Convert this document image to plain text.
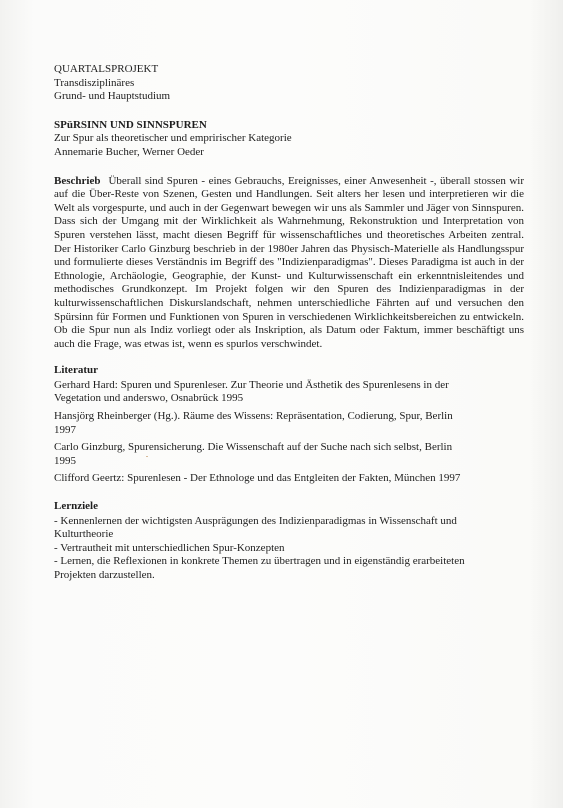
QUARTALSPROJEKT
Transdisziplinäres
Grund- und Hauptstudium
SPüRSINN UND SINNSPUREN
Zur Spur als theoretischer und empririscher Kategorie
Annemarie Bucher, Werner Oeder

Beschrieb Überall sind Spuren - eines Gebrauchs, Ereignisses, einer Anwesenheit -, überall stossen wir auf die Über-Reste von Szenen, Gesten und Handlungen. Seit alters her lesen und interpretieren wir die Welt als vorgespurte, und auch in der Gegenwart bewegen wir uns als Sammler und Jäger von Sinnspuren. Dass sich der Umgang mit der Wirklichkeit als Wahrnehmung, Rekonstruktion und Interpretation von Spuren verstehen lässt, macht diesen Begriff für wissenschaftliches und theoretisches Arbeiten zentral. Der Historiker Carlo Ginzburg beschrieb in der 1980er Jahren das Physisch-Materielle als Handlungsspur und formulierte dieses Verständnis im Begriff des "Indizienparadigmas". Dieses Paradigma ist auch in der Ethnologie, Archäologie, Geographie, der Kunst- und Kulturwissenschaft ein erkenntnisleitendes und methodisches Grundkonzept. Im Projekt folgen wir den Spuren des Indizienparadigmas in der kulturwissenschaftlichen Diskurslandschaft, nehmen unterschiedliche Fährten auf und versuchen den Spürsinn für Formen und Funktionen von Spuren in verschiedenen Wirklichkeitsbereichen zu entwickeln. Ob die Spur nun als Indiz vorliegt oder als Inskription, als Datum oder Faktum, immer beschäftigt uns auch die Frage, was etwas ist, wenn es spurlos verschwindet.

Literatur
Gerhard Hard: Spuren und Spurenleser. Zur Theorie und Ästhetik des Spurenlesens in der
Vegetation und anderswo, Osnabrück 1995
Hansjörg Rheinberger (Hg.). Räume des Wissens: Repräsentation, Codierung, Spur, Berlin
1997
Carlo Ginzburg, Spurensicherung. Die Wissenschaft auf der Suche nach sich selbst, Berlin
1995
Clifford Geertz: Spurenlesen - Der Ethnologe und das Entgleiten der Fakten, München 1997
Lernziele
- Kennenlernen der wichtigsten Ausprägungen des Indizienparadigmas in Wissenschaft und
Kulturtheorie
- Vertrautheit mit unterschiedlichen Spur-Konzepten
- Lernen, die Reflexionen in konkrete Themen zu übertragen und in eigenständig erarbeiteten
Projekten darzustellen.
